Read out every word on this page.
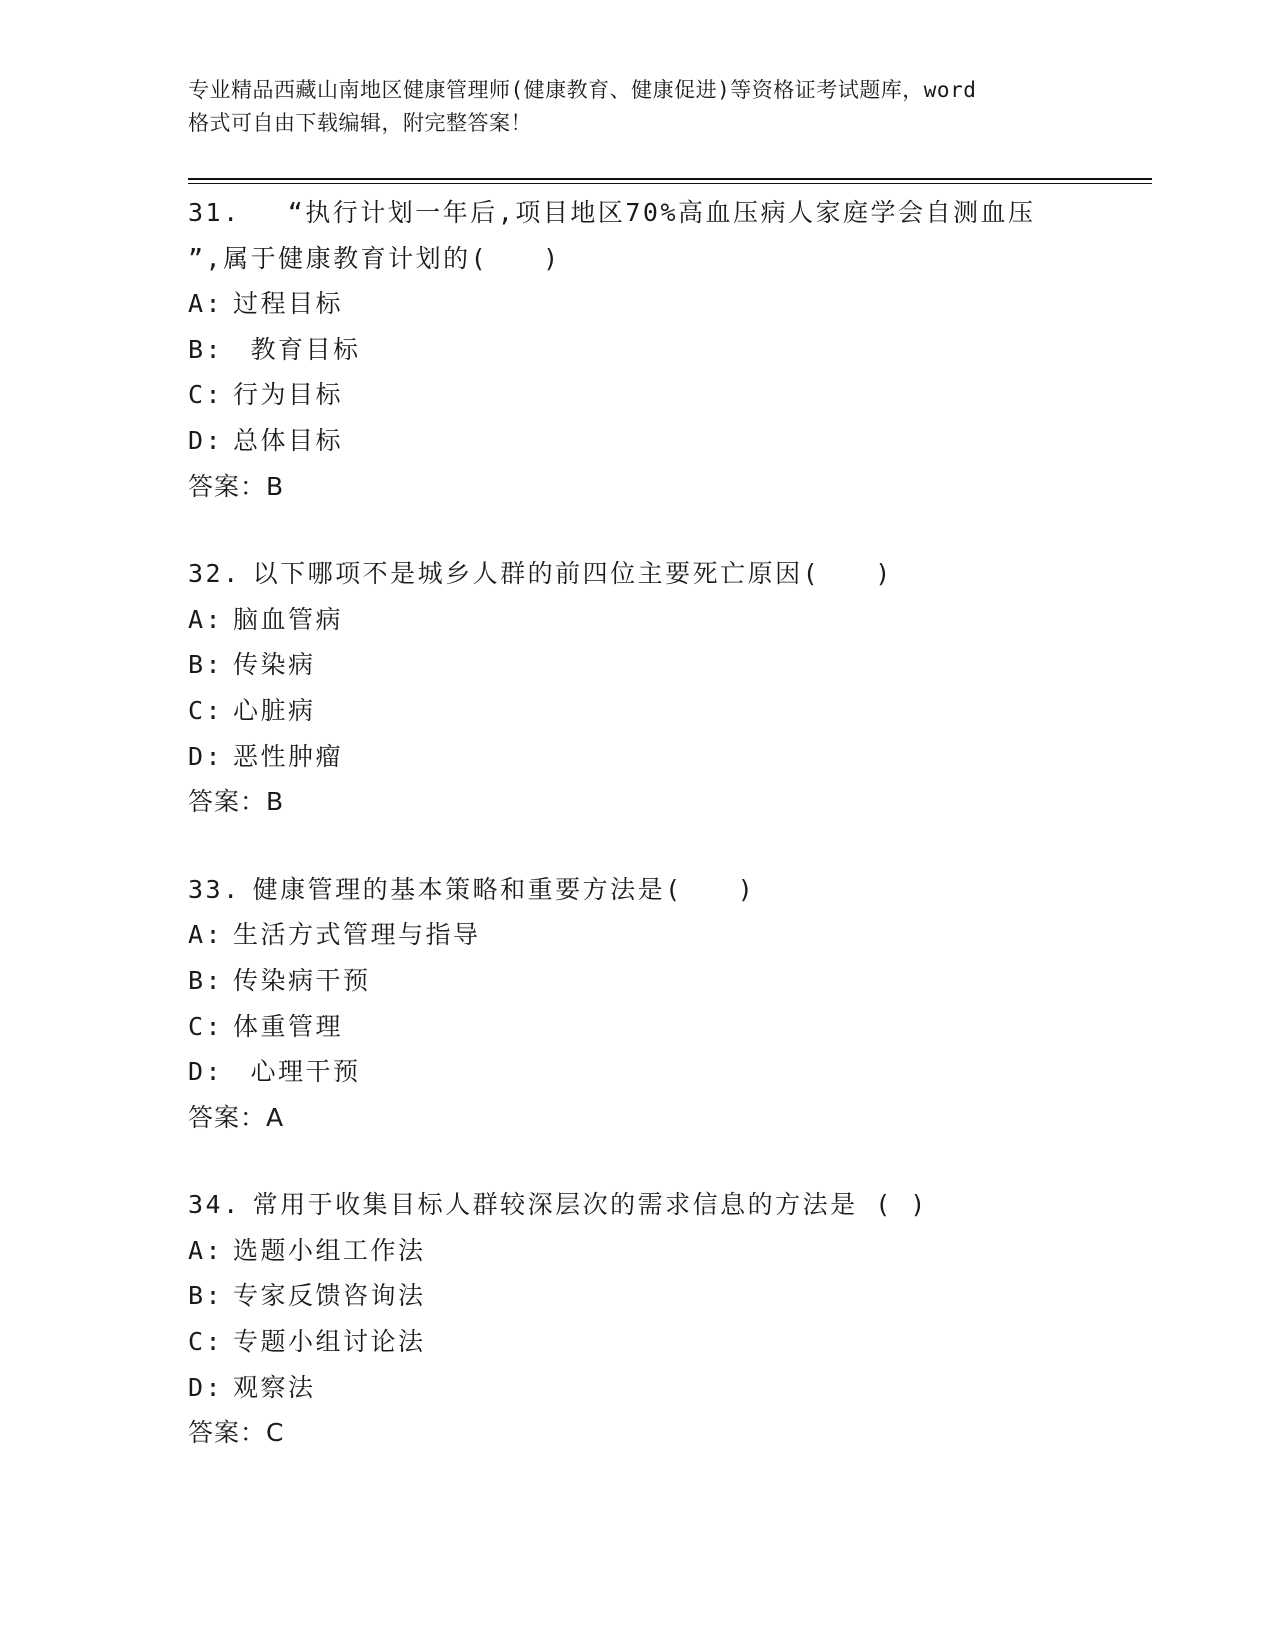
专业精品西藏山南地区健康管理师(健康教育、健康促进)等资格证考试题库，word
格式可自由下载编辑，附完整答案！
31.  “执行计划一年后,项目地区70%高血压病人家庭学会自测血压
”,属于健康教育计划的(　　)
A: 过程目标
B: 教育目标
C: 行为目标
D: 总体目标
答案：B
32. 以下哪项不是城乡人群的前四位主要死亡原因(　　)
A: 脑血管病
B: 传染病
C: 心脏病
D: 恶性肿瘤
答案：B
33. 健康管理的基本策略和重要方法是(　　)
A: 生活方式管理与指导
B: 传染病干预
C: 体重管理
D: 心理干预
答案：A
34. 常用于收集目标人群较深层次的需求信息的方法是 ( )
A: 选题小组工作法
B: 专家反馈咨询法
C: 专题小组讨论法
D: 观察法
答案：C
